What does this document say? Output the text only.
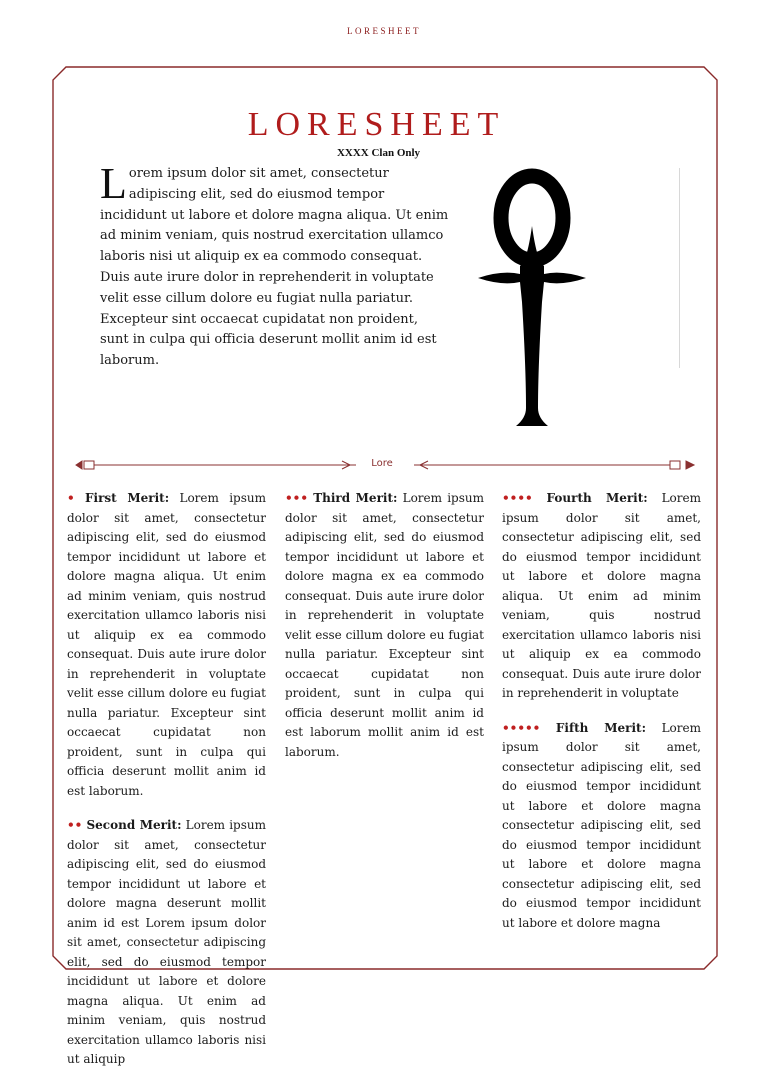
LORESHEET
LORESHEET
XXXX Clan Only
Lorem ipsum dolor sit amet, consectetur adipiscing elit, sed do eiusmod tempor incididunt ut labore et dolore magna aliqua. Ut enim ad minim veniam, quis nostrud exercitation ullamco laboris nisi ut aliquip ex ea commodo consequat. Duis aute irure dolor in reprehenderit in voluptate velit esse cillum dolore eu fugiat nulla pariatur. Excepteur sint occaecat cupidatat non proident, sunt in culpa qui officia deserunt mollit anim id est laborum.
Lore

• First Merit: Lorem ipsum dolor sit amet, consectetur adipiscing elit, sed do eiusmod tempor incididunt ut labore et dolore magna aliqua. Ut enim ad minim veniam, quis nostrud exercitation ullamco laboris nisi ut aliquip ex ea commodo consequat. Duis aute irure dolor in reprehenderit in voluptate velit esse cillum dolore eu fugiat nulla pariatur. Excepteur sint occaecat cupidatat non proident, sunt in culpa qui officia deserunt mollit anim id est laborum.

•• Second Merit: Lorem ipsum dolor sit amet, consectetur adipiscing elit, sed do eiusmod tempor incididunt ut labore et dolore magna deserunt mollit anim id est Lorem ipsum dolor sit amet, consectetur adipiscing elit, sed do eiusmod tempor incididunt ut labore et dolore magna aliqua. Ut enim ad minim veniam, quis nostrud exercitation ullamco laboris nisi ut aliquip

••• Third Merit: Lorem ipsum dolor sit amet, consectetur adipiscing elit, sed do eiusmod tempor incididunt ut labore et dolore magna ex ea commodo consequat. Duis aute irure dolor in reprehenderit in voluptate velit esse cillum dolore eu fugiat nulla pariatur. Excepteur sint occaecat cupidatat non proident, sunt in culpa qui officia deserunt mollit anim id est laborum mollit anim id est laborum.

•••• Fourth Merit: Lorem ipsum dolor sit amet, consectetur adipiscing elit, sed do eiusmod tempor incididunt ut labore et dolore magna aliqua. Ut enim ad minim veniam, quis nostrud exercitation ullamco laboris nisi ut aliquip ex ea commodo consequat. Duis aute irure dolor in reprehenderit in voluptate

••••• Fifth Merit: Lorem ipsum dolor sit amet, consectetur adipiscing elit, sed do eiusmod tempor incididunt ut labore et dolore magna consectetur adipiscing elit, sed do eiusmod tempor incididunt ut labore et dolore magna consectetur adipiscing elit, sed do eiusmod tempor incididunt ut labore et dolore magna
